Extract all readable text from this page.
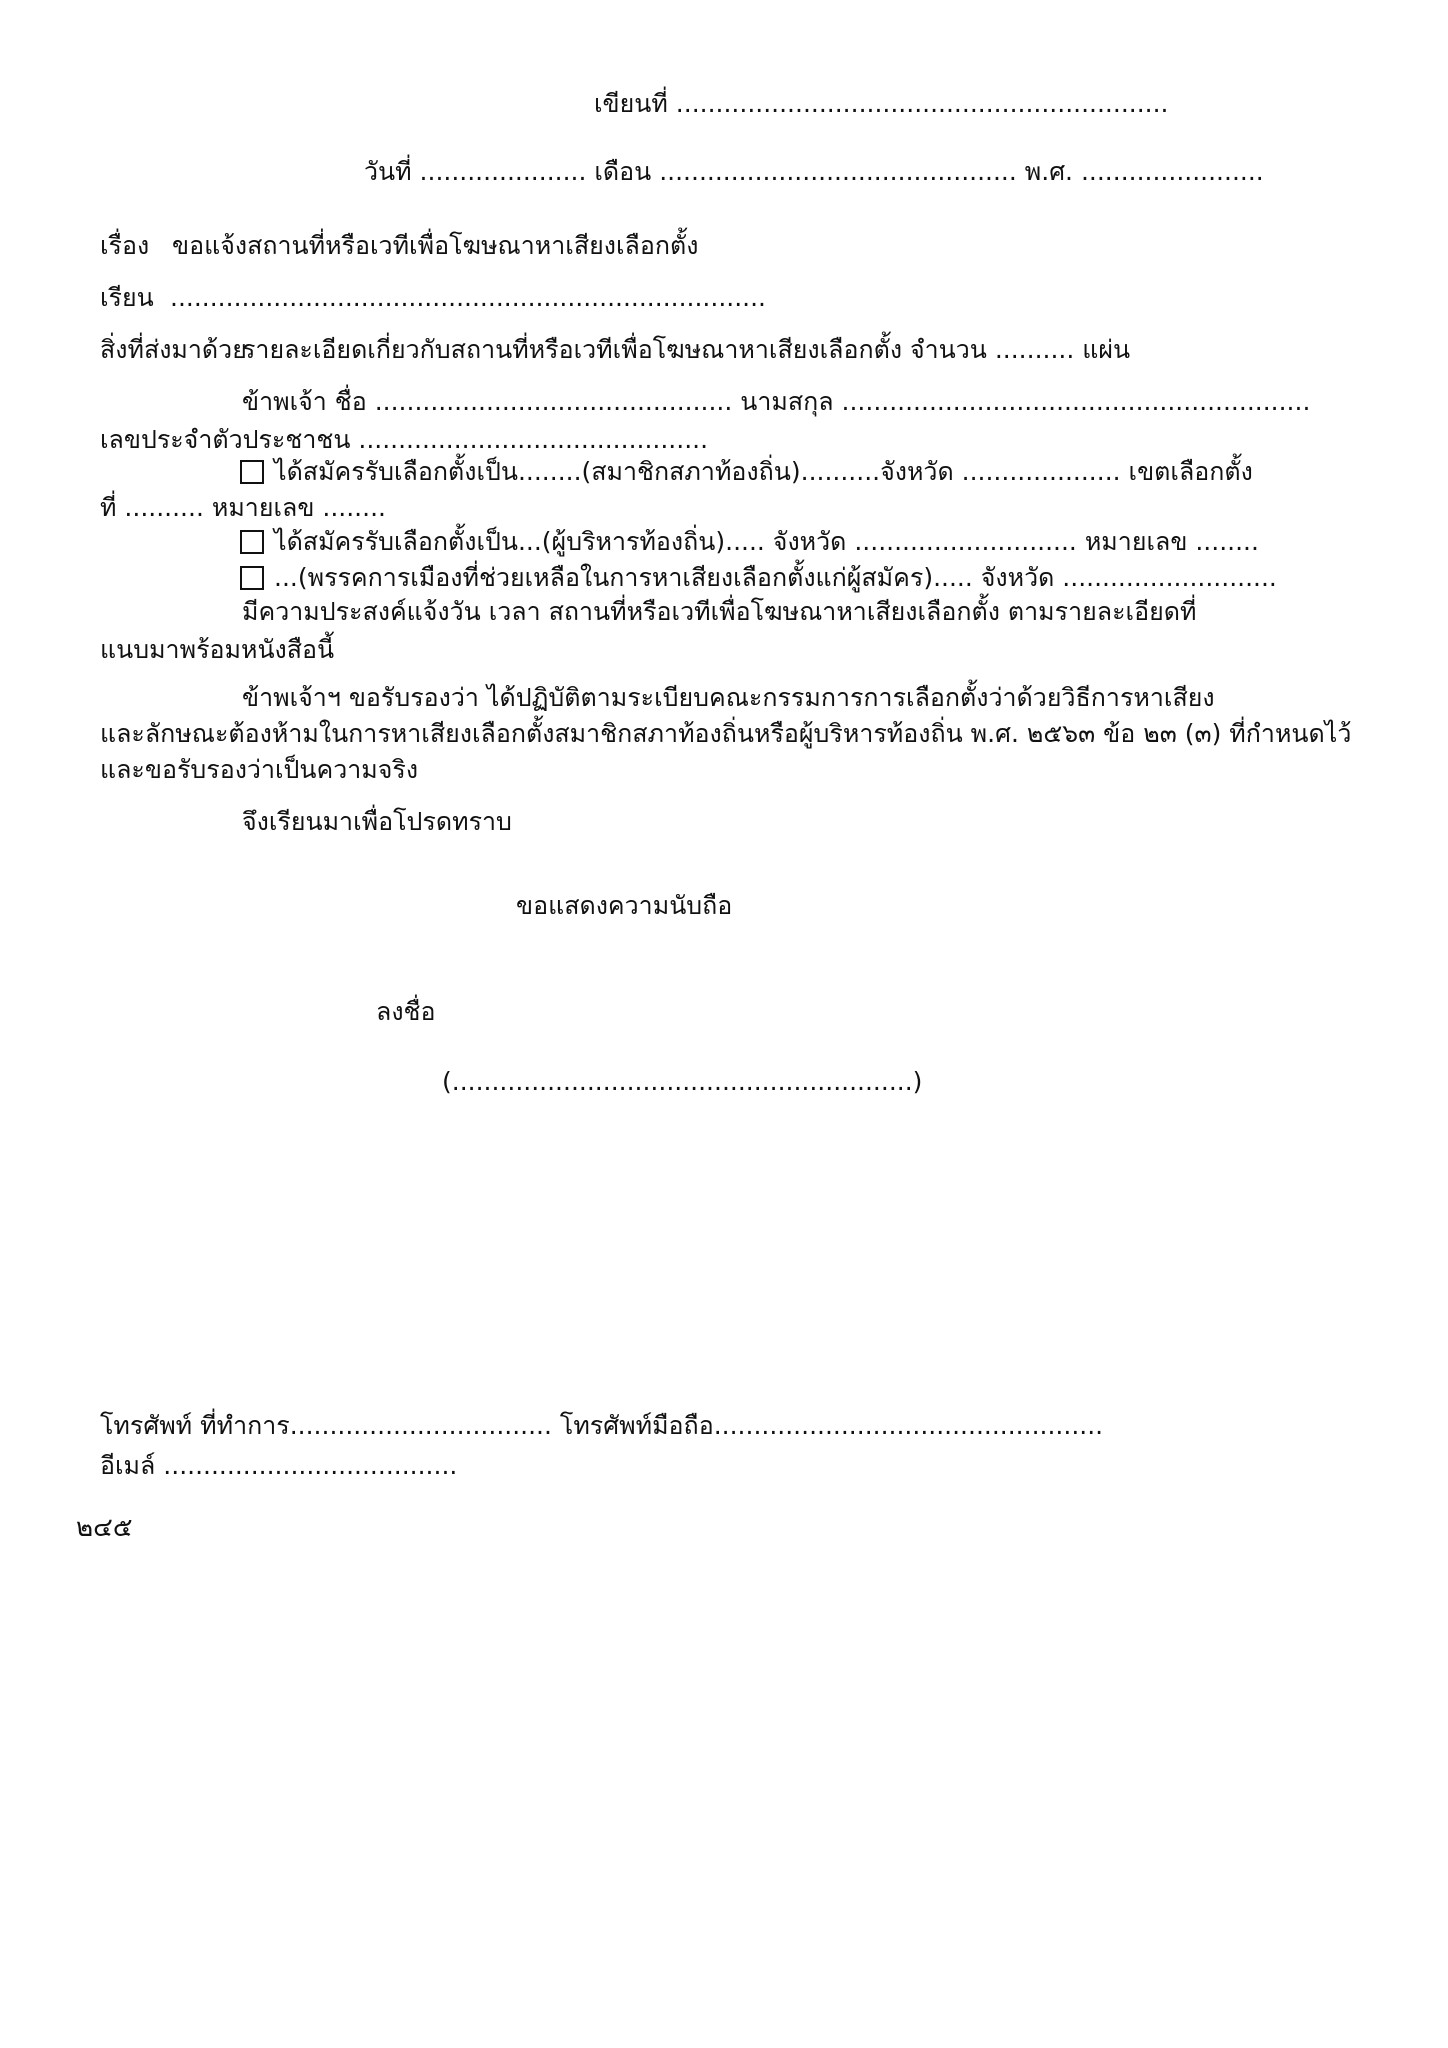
เขียนที่ ..............................................................
วันที่ ..................... เดือน ............................................. พ.ศ. .......................
เรื่อง ขอแจ้งสถานที่หรือเวทีเพื่อโฆษณาหาเสียงเลือกตั้ง
เรียน ...........................................................................
สิ่งที่ส่งมาด้วย
รายละเอียดเกี่ยวกับสถานที่หรือเวทีเพื่อโฆษณาหาเสียงเลือกตั้ง จำนวน .......... แผ่น
ข้าพเจ้า ชื่อ ............................................. นามสกุล ...........................................................
เลขประจำตัวประชาชน ............................................
ได้สมัครรับเลือกตั้งเป็น........(สมาชิกสภาท้องถิ่น)..........จังหวัด .................... เขตเลือกตั้ง
ที่ .......... หมายเลข ........
ได้สมัครรับเลือกตั้งเป็น...(ผู้บริหารท้องถิ่น)..... จังหวัด ............................ หมายเลข ........
...(พรรคการเมืองที่ช่วยเหลือในการหาเสียงเลือกตั้งแก่ผู้สมัคร)..... จังหวัด ...........................
มีความประสงค์แจ้งวัน เวลา สถานที่หรือเวทีเพื่อโฆษณาหาเสียงเลือกตั้ง ตามรายละเอียดที่
แนบมาพร้อมหนังสือนี้
ข้าพเจ้าฯ ขอรับรองว่า ได้ปฏิบัติตามระเบียบคณะกรรมการการเลือกตั้งว่าด้วยวิธีการหาเสียง
และลักษณะต้องห้ามในการหาเสียงเลือกตั้งสมาชิกสภาท้องถิ่นหรือผู้บริหารท้องถิ่น พ.ศ. ๒๕๖๓ ข้อ ๒๓ (๓) ที่กำหนดไว้
และขอรับรองว่าเป็นความจริง
จึงเรียนมาเพื่อโปรดทราบ
ขอแสดงความนับถือ
ลงชื่อ
(..........................................................)
โทรศัพท์ ที่ทำการ................................. โทรศัพท์มือถือ.................................................
อีเมล์ .....................................
๒๔๕
